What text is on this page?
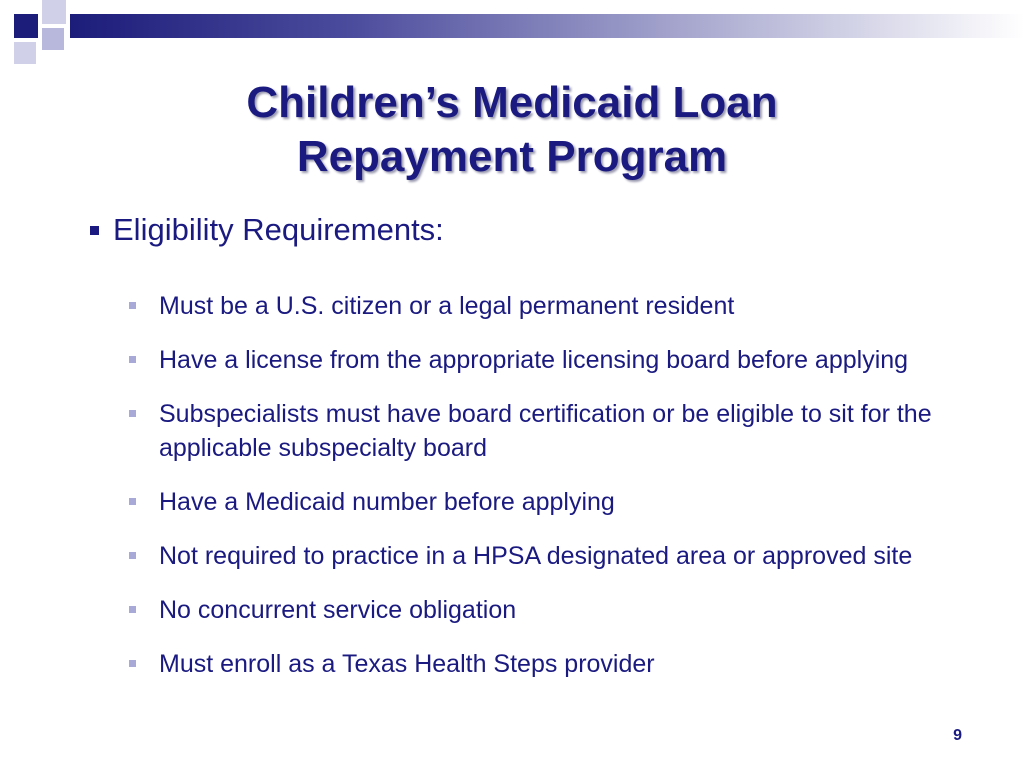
Children’s Medicaid Loan
Repayment Program
Eligibility Requirements:
Must be a U.S. citizen or a legal permanent resident
Have a license from the appropriate licensing board before applying
Subspecialists must have board certification or be eligible to sit for the applicable subspecialty board
Have a Medicaid number before applying
Not required to practice in a HPSA designated area or approved site
No concurrent service obligation
Must enroll as a Texas Health Steps provider
9
